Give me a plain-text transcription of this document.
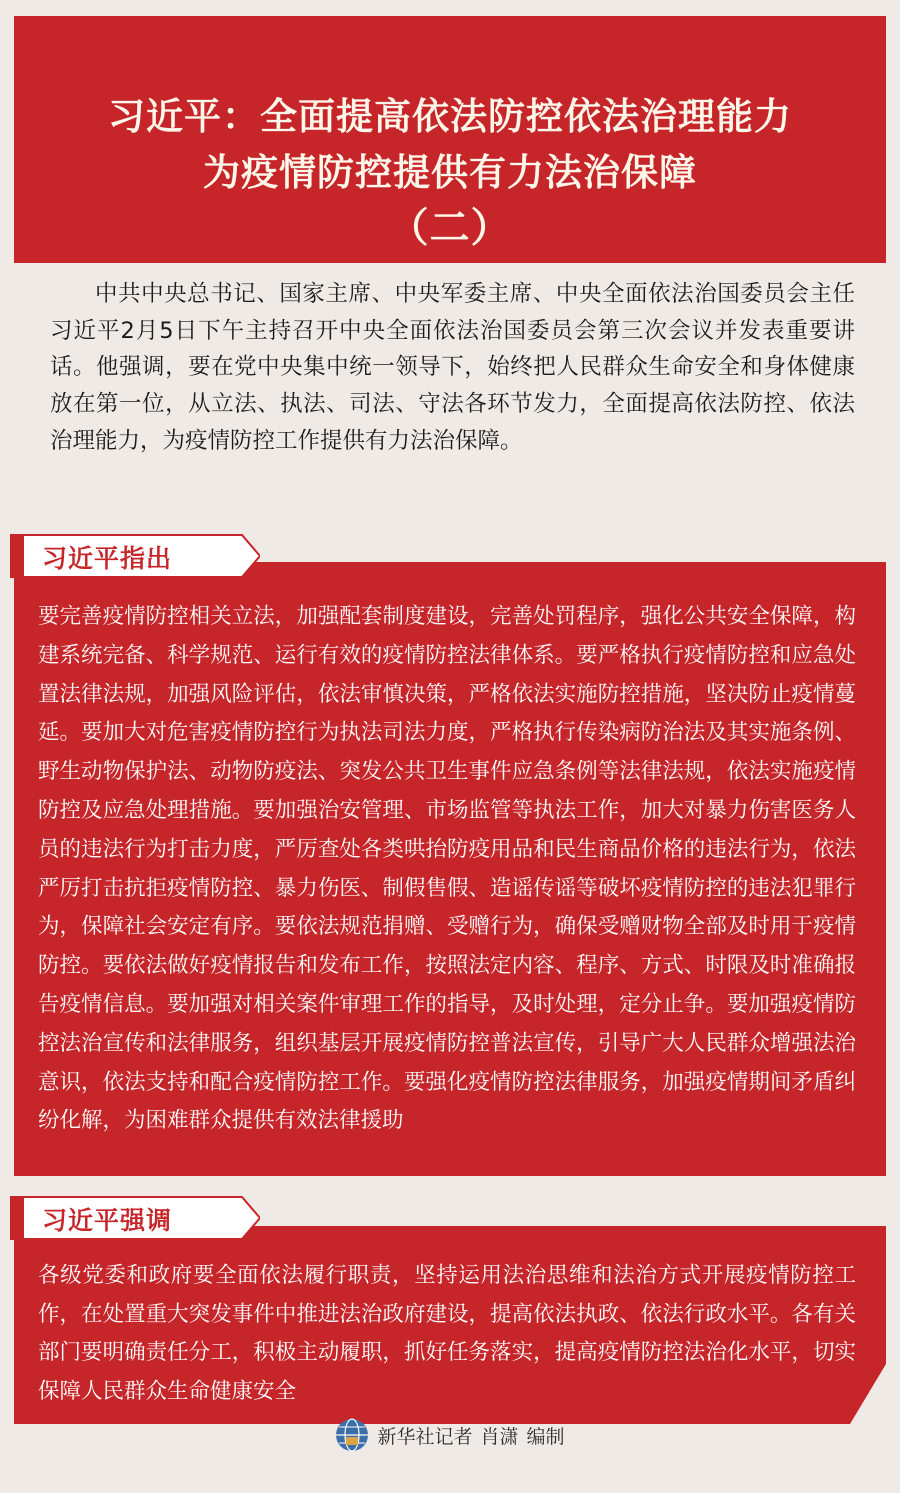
习近平：全面提高依法防控依法治理能力
为疫情防控提供有力法治保障
（二）
中共中央总书记、国家主席、中央军委主席、中央全面依法治国委员会主任习近平2月5日下午主持召开中央全面依法治国委员会第三次会议并发表重要讲话。他强调，要在党中央集中统一领导下，始终把人民群众生命安全和身体健康放在第一位，从立法、执法、司法、守法各环节发力，全面提高依法防控、依法治理能力，为疫情防控工作提供有力法治保障。
习近平指出
要完善疫情防控相关立法，加强配套制度建设，完善处罚程序，强化公共安全保障，构建系统完备、科学规范、运行有效的疫情防控法律体系。要严格执行疫情防控和应急处置法律法规，加强风险评估，依法审慎决策，严格依法实施防控措施，坚决防止疫情蔓延。要加大对危害疫情防控行为执法司法力度，严格执行传染病防治法及其实施条例、野生动物保护法、动物防疫法、突发公共卫生事件应急条例等法律法规，依法实施疫情防控及应急处理措施。要加强治安管理、市场监管等执法工作，加大对暴力伤害医务人员的违法行为打击力度，严厉查处各类哄抬防疫用品和民生商品价格的违法行为，依法严厉打击抗拒疫情防控、暴力伤医、制假售假、造谣传谣等破坏疫情防控的违法犯罪行为，保障社会安定有序。要依法规范捐赠、受赠行为，确保受赠财物全部及时用于疫情防控。要依法做好疫情报告和发布工作，按照法定内容、程序、方式、时限及时准确报告疫情信息。要加强对相关案件审理工作的指导，及时处理，定分止争。要加强疫情防控法治宣传和法律服务，组织基层开展疫情防控普法宣传，引导广大人民群众增强法治意识，依法支持和配合疫情防控工作。要强化疫情防控法律服务，加强疫情期间矛盾纠纷化解，为困难群众提供有效法律援助
习近平强调
各级党委和政府要全面依法履行职责，坚持运用法治思维和法治方式开展疫情防控工作，在处置重大突发事件中推进法治政府建设，提高依法执政、依法行政水平。各有关部门要明确责任分工，积极主动履职，抓好任务落实，提高疫情防控法治化水平，切实保障人民群众生命健康安全
新华社记者 肖潇 编制
